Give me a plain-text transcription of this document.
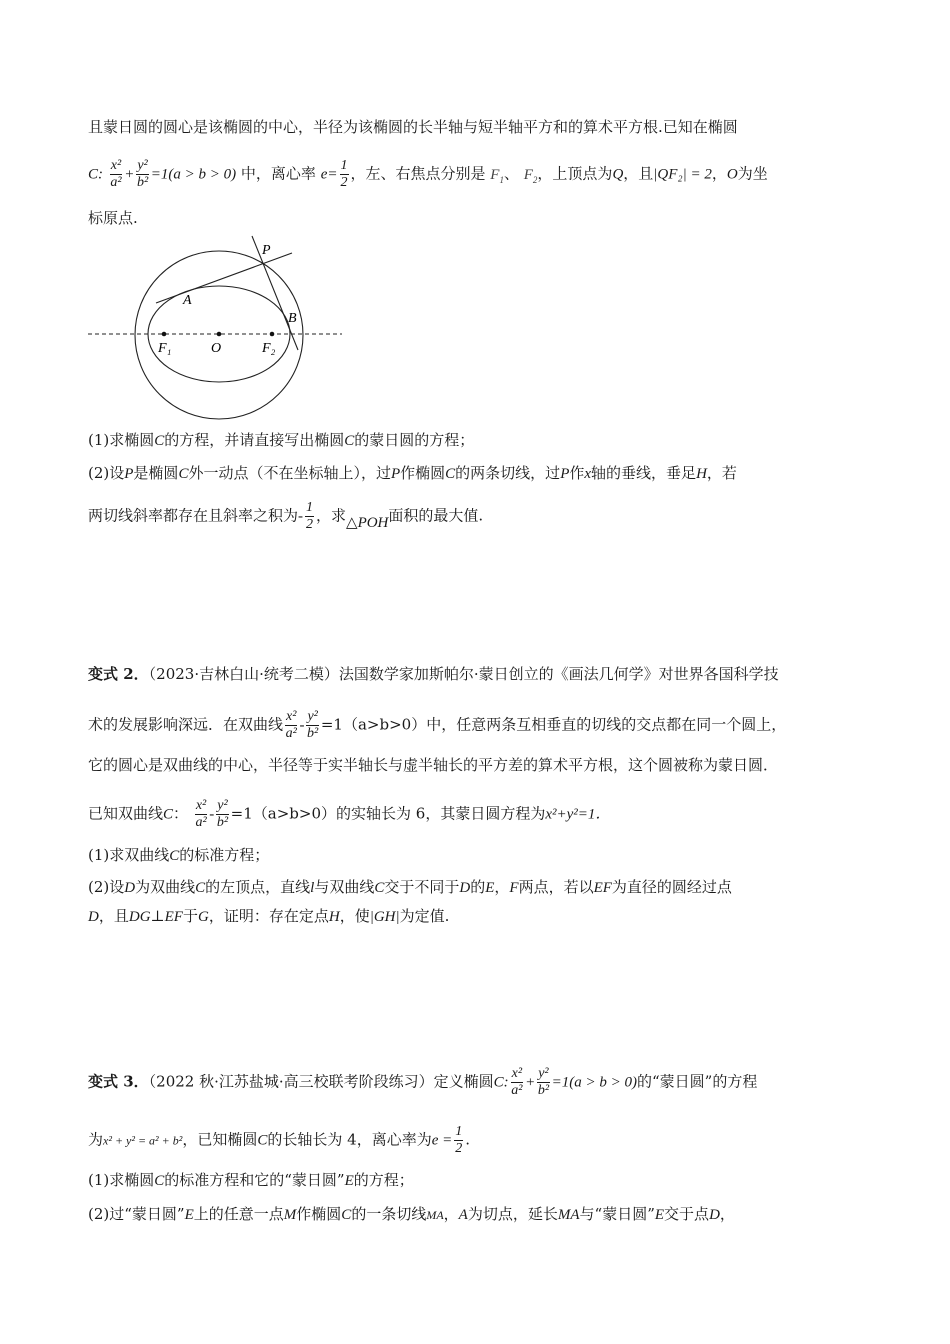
且蒙日圆的圆心是该椭圆的中心，半径为该椭圆的长半轴与短半轴平方和的算术平方根.已知在椭圆
C: $\frac{\text{x²}}{\text{a²}} + \frac{\text{y²}}{\text{b²}} =1(a > b > 0)$ 中，离心率 $e= \frac{1}{2}$ ，左、右焦点分别是 $F_1$、 $F_2$，上顶点为Q，且|QF₂| = 2，O为坐
标原点.
P
A
B
F₁	O	F₂
(1)求椭圆C的方程，并请直接写出椭圆C的蒙日圆的方程；
(2)设P是椭圆C外一动点（不在坐标轴上），过P作椭圆C的两条切线，过P作x轴的垂线，垂足H，若
两切线斜率都存在且斜率之积为- $\frac{1}{2}$ ，求△POH面积的最大值.
变式 2．（2023·吉林白山·统考二模）法国数学家加斯帕尔·蒙日创立的《画法几何学》对世界各国科学技
术的发展影响深远．在双曲线 $\frac{\text{x²}}{\text{a²}} - \frac{\text{y²}}{\text{b²}} =1(a>b>0)$中，任意两条互相垂直的切线的交点都在同一个圆上，
它的圆心是双曲线的中心，半径等于实半轴长与虚半轴长的平方差的算术平方根，这个圆被称为蒙日圆．
已知双曲线C： $\frac{\text{x²}}{\text{a²}} - \frac{\text{y²}}{\text{b²}} =1(a>b>0)$的实轴长为 6，其蒙日圆方程为x²+y²=1．
(1)求双曲线C的标准方程；
(2)设D为双曲线C的左顶点，直线l与双曲线C交于不同于D的E，F两点，若以EF为直径的圆经过点
D，且DG⊥EF于G，证明：存在定点H，使|GH|为定值.
变式 3．（2022 秋·江苏盐城·高三校联考阶段练习）定义椭圆C: $\frac{\text{x²}}{\text{a²}} + \frac{\text{y²}}{\text{b²}} =1(a > b > 0)$的“蒙日圆”的方程
为x² + y² = a² + b²，已知椭圆C的长轴长为 4，离心率为$e = \frac{1}{2}$ .
(1)求椭圆C的标准方程和它的“蒙日圆”E的方程；
(2)过“蒙日圆”E上的任意一点M作椭圆C的一条切线MA，A为切点，延长MA与“蒙日圆”E交于点D，
